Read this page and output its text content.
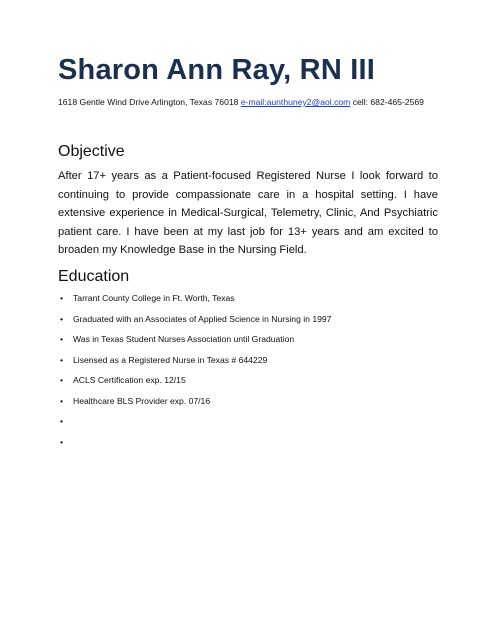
Sharon Ann Ray, RN III
1618 Gentle Wind Drive Arlington, Texas 76018 e-mail:aunthuney2@aol.com cell: 682-465-2569
Objective

After 17+ years as a Patient-focused Registered Nurse I look forward to continuing to provide compassionate care in a hospital setting. I have extensive experience in Medical-Surgical, Telemetry, Clinic, And Psychiatric patient care. I have been at my last job for 13+ years and am excited to broaden my Knowledge Base in the Nursing Field.

Education
• Tarrant County College in Ft. Worth, Texas
• Graduated with an Associates of Applied Science in Nursing in 1997
• Was in Texas Student Nurses Association until Graduation
• Lisensed as a Registered Nurse in Texas # 644229
• ACLS Certification exp. 12/15
• Healthcare BLS Provider exp. 07/16
•
•
